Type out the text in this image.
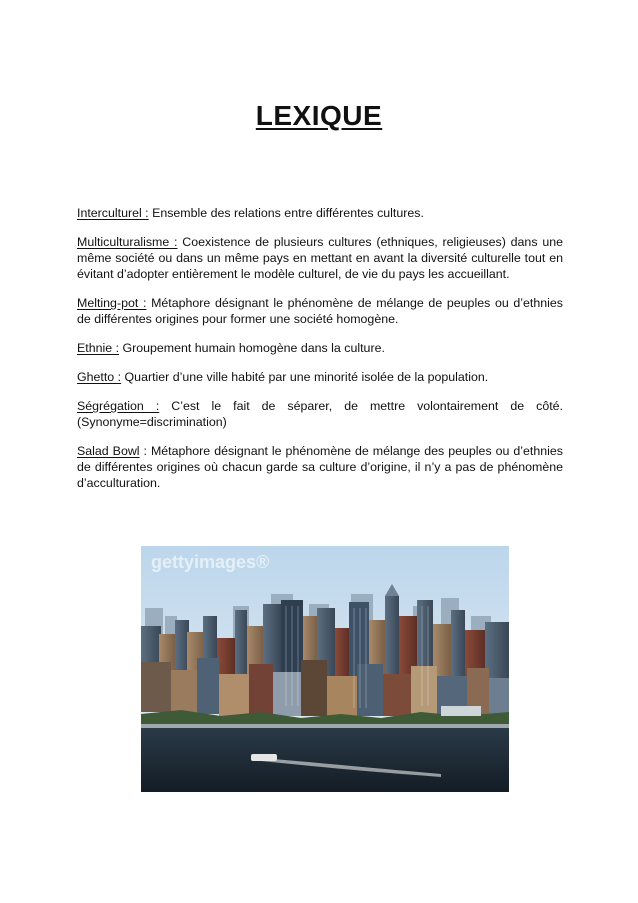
LEXIQUE

Interculturel : Ensemble des relations entre différentes cultures.

Multiculturalisme : Coexistence de plusieurs cultures (ethniques, religieuses) dans une même société ou dans un même pays en mettant en avant la diversité culturelle tout en évitant d’adopter entièrement le modèle culturel, de vie du pays les accueillant.

Melting-pot : Métaphore désignant le phénomène de mélange de peuples ou d’ethnies de différentes origines pour former une société homogène.

Ethnie : Groupement humain homogène dans la culture.

Ghetto : Quartier d’une ville habité par une minorité isolée de la population.

Ségrégation : C’est le fait de séparer, de mettre volontairement de côté. (Synonyme=discrimination)

Salad Bowl : Métaphore désignant le phénomène de mélange des peuples ou d’ethnies de différentes origines où chacun garde sa culture d’origine, il n’y a pas de phénomène d’acculturation.

gettyimages®
